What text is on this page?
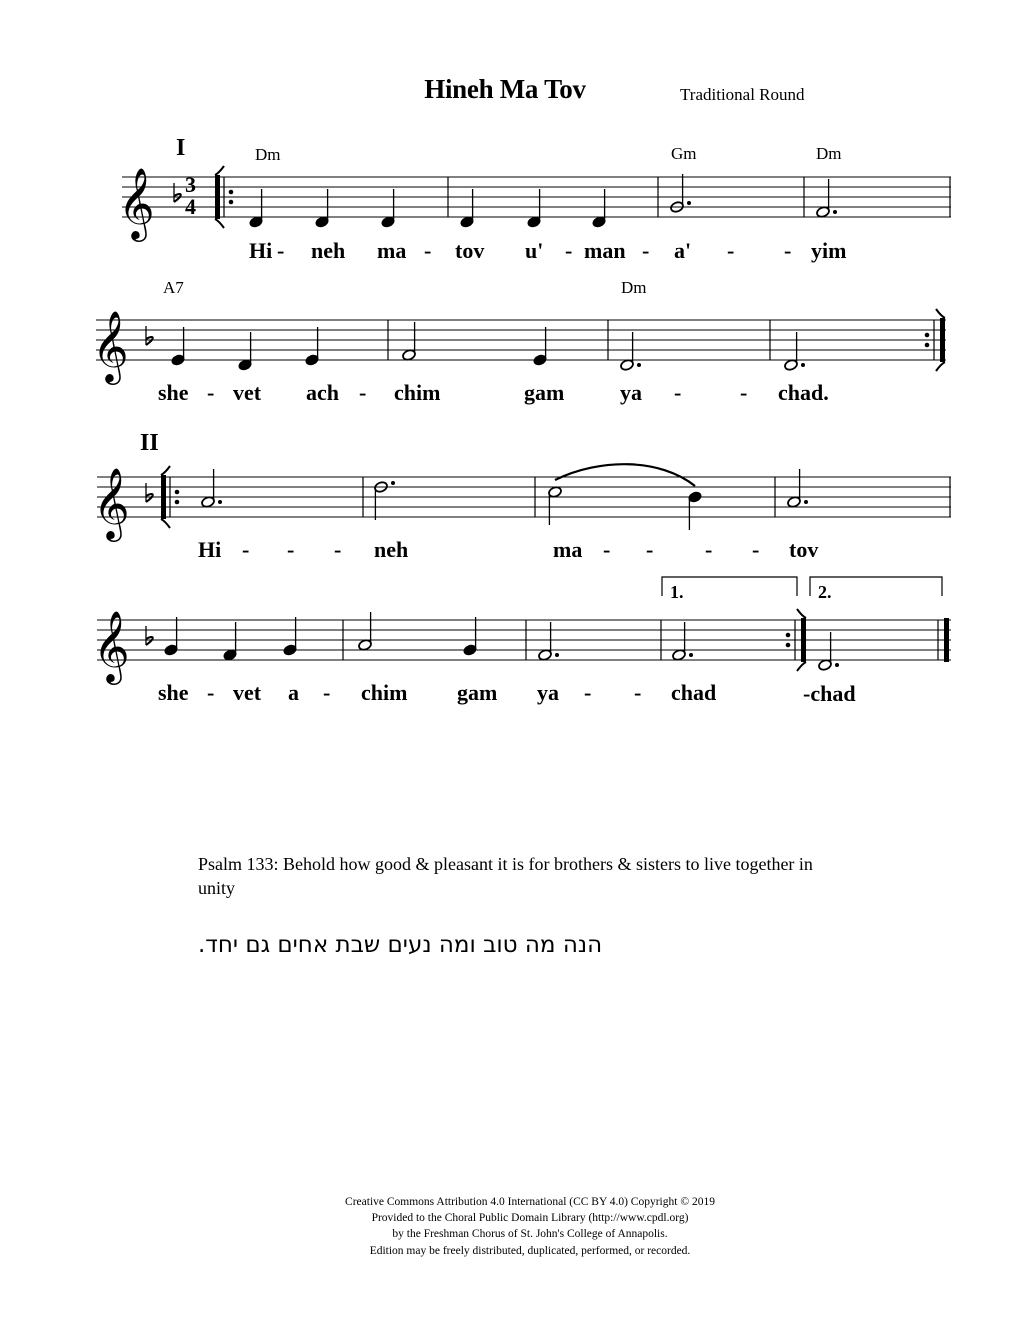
Hineh Ma Tov	Traditional Round
I
II
Dm	Gm	Dm
A7	Dm
3
4
1.	2.
Hi - neh ma - tov u' - man - a' - - yim
she - vet ach - chim	gam	ya -	- chad.
Hi - - - neh	ma - - - - tov
she - vet a - chim gam ya - - chad	-chad
𝄞
𝄞
𝄞
𝄞
Psalm 133: Behold how good & pleasant it is for brothers & sisters to live together in unity
הנה מה טוב ומה נעים שבת אחים גם יחד.
Creative Commons Attribution 4.0 International (CC BY 4.0) Copyright © 2019
Provided to the Choral Public Domain Library (http://www.cpdl.org)
by the Freshman Chorus of St. John's College of Annapolis.
Edition may be freely distributed, duplicated, performed, or recorded.
